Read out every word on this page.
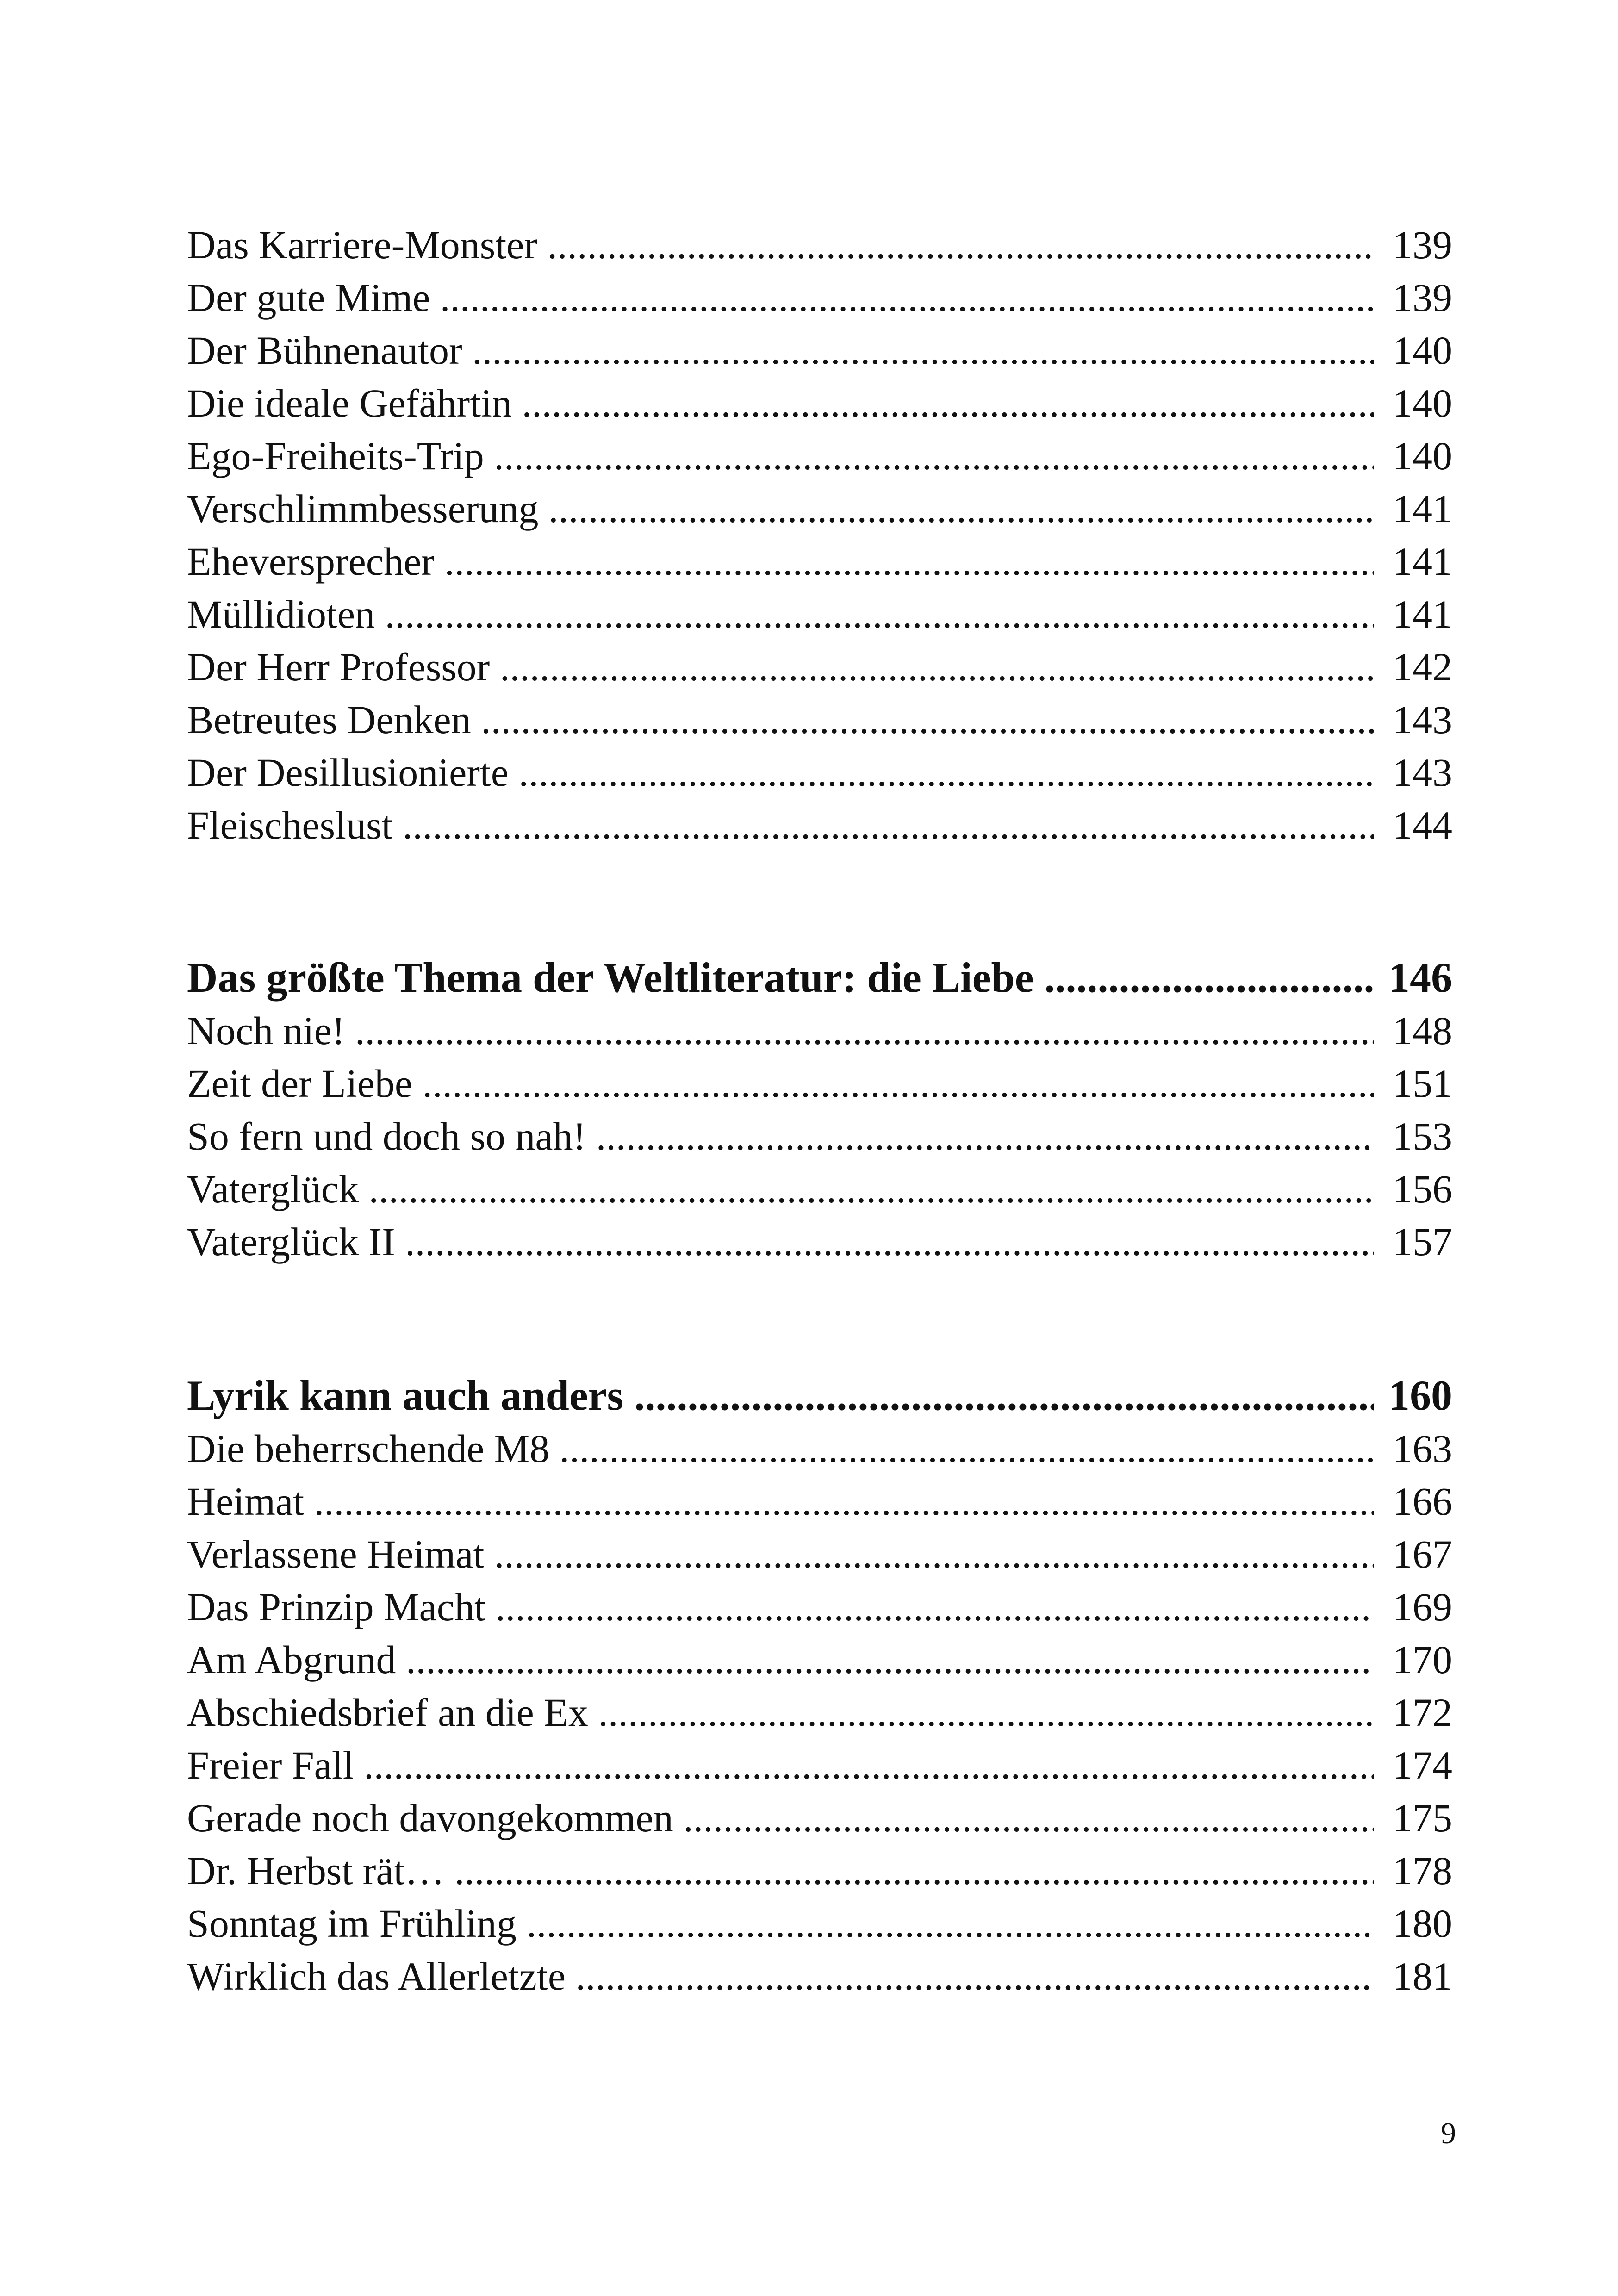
Das Karriere-Monster .....	139
Der gute Mime .....	139
Der Bühnenautor .....	140
Die ideale Gefährtin .....	140
Ego-Freiheits-Trip .....	140
Verschlimmbesserung .....	141
Eheversprecher .....	141
Müllidioten .....	141
Der Herr Professor .....	142
Betreutes Denken .....	143
Der Desillusionierte .....	143
Fleischeslust .....	144
Das größte Thema der Weltliteratur: die Liebe .....	146
Noch nie! .....	148
Zeit der Liebe .....	151
So fern und doch so nah! .....	153
Vaterglück .....	156
Vaterglück II .....	157
Lyrik kann auch anders .....	160
Die beherrschende M8 .....	163
Heimat .....	166
Verlassene Heimat .....	167
Das Prinzip Macht .....	169
Am Abgrund .....	170
Abschiedsbrief an die Ex .....	172
Freier Fall .....	174
Gerade noch davongekommen .....	175
Dr. Herbst rät… .....	178
Sonntag im Frühling .....	180
Wirklich das Allerletzte .....	181
9
